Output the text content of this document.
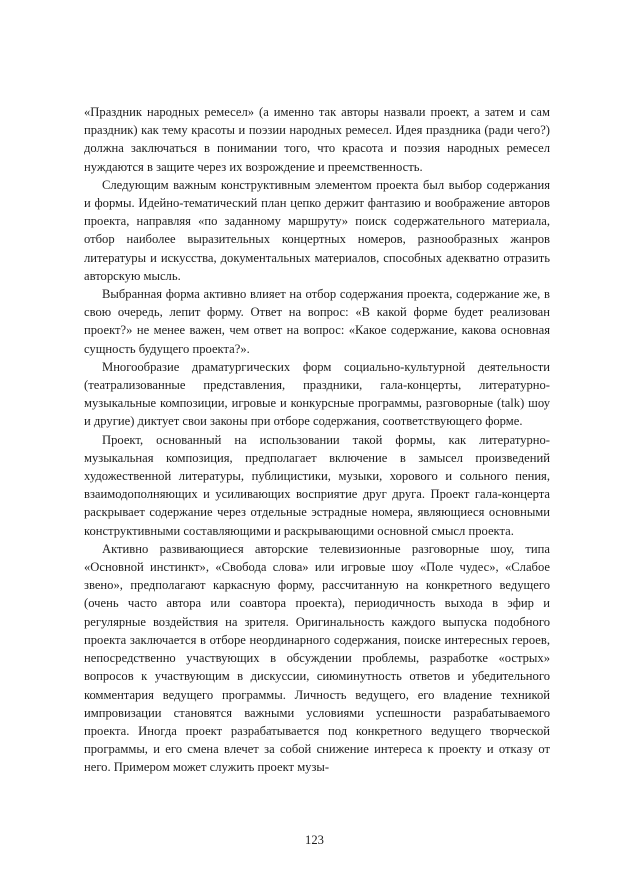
«Праздник народных ремесел» (а именно так авторы назвали проект, а затем и сам праздник) как тему красоты и поэзии народных ремесел. Идея праздника (ради чего?) должна заключаться в понимании того, что красота и поэзия народных ремесел нуждаются в защите через их возрождение и преемственность.

Следующим важным конструктивным элементом проекта был выбор содержания и формы. Идейно-тематический план цепко держит фантазию и воображение авторов проекта, направляя «по заданному маршруту» поиск содержательного материала, отбор наиболее выразительных концертных номеров, разнообразных жанров литературы и искусства, документальных материалов, способных адекватно отразить авторскую мысль.

Выбранная форма активно влияет на отбор содержания проекта, содержание же, в свою очередь, лепит форму. Ответ на вопрос: «В какой форме будет реализован проект?» не менее важен, чем ответ на вопрос: «Какое содержание, какова основная сущность будущего проекта?».

Многообразие драматургических форм социально-культурной деятельности (театрализованные представления, праздники, гала-концерты, литературно-музыкальные композиции, игровые и конкурсные программы, разговорные (talk) шоу и другие) диктует свои законы при отборе содержания, соответствующего форме.

Проект, основанный на использовании такой формы, как литературно-музыкальная композиция, предполагает включение в замысел произведений художественной литературы, публицистики, музыки, хорового и сольного пения, взаимодополняющих и усиливающих восприятие друг друга. Проект гала-концерта раскрывает содержание через отдельные эстрадные номера, являющиеся основными конструктивными составляющими и раскрывающими основной смысл проекта.

Активно развивающиеся авторские телевизионные разговорные шоу, типа «Основной инстинкт», «Свобода слова» или игровые шоу «Поле чудес», «Слабое звено», предполагают каркасную форму, рассчитанную на конкретного ведущего (очень часто автора или соавтора проекта), периодичность выхода в эфир и регулярные воздействия на зрителя. Оригинальность каждого выпуска подобного проекта заключается в отборе неординарного содержания, поиске интересных героев, непосредственно участвующих в обсуждении проблемы, разработке «острых» вопросов к участвующим в дискуссии, сиюминутность ответов и убедительного комментария ведущего программы. Личность ведущего, его владение техникой импровизации становятся важными условиями успешности разрабатываемого проекта. Иногда проект разрабатывается под конкретного ведущего творческой программы, и его смена влечет за собой снижение интереса к проекту и отказу от него. Примером может служить проект музы-

123
